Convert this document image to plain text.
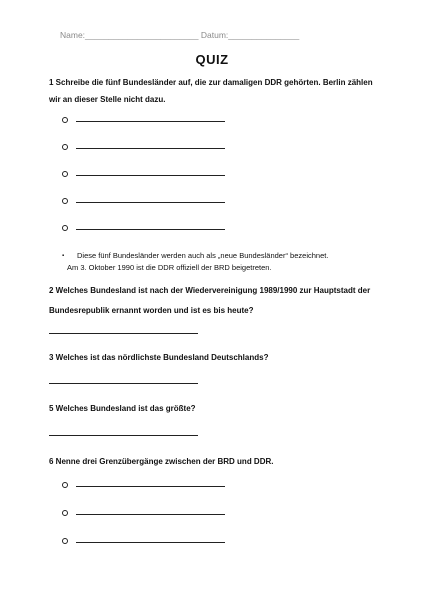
Name:________________________ Datum:_______________
QUIZ
1 Schreibe die fünf Bundesländer auf, die zur damaligen DDR gehörten. Berlin zählen
wir an dieser Stelle nicht dazu.
▪	Diese fünf Bundesländer werden auch als „neue Bundesländer“ bezeichnet.
Am 3. Oktober 1990 ist die DDR offiziell der BRD beigetreten.
2 Welches Bundesland ist nach der Wiedervereinigung 1989/1990 zur Hauptstadt der
Bundesrepublik ernannt worden und ist es bis heute?
3 Welches ist das nördlichste Bundesland Deutschlands?
5 Welches Bundesland ist das größte?
6 Nenne drei Grenzübergänge zwischen der BRD und DDR.
